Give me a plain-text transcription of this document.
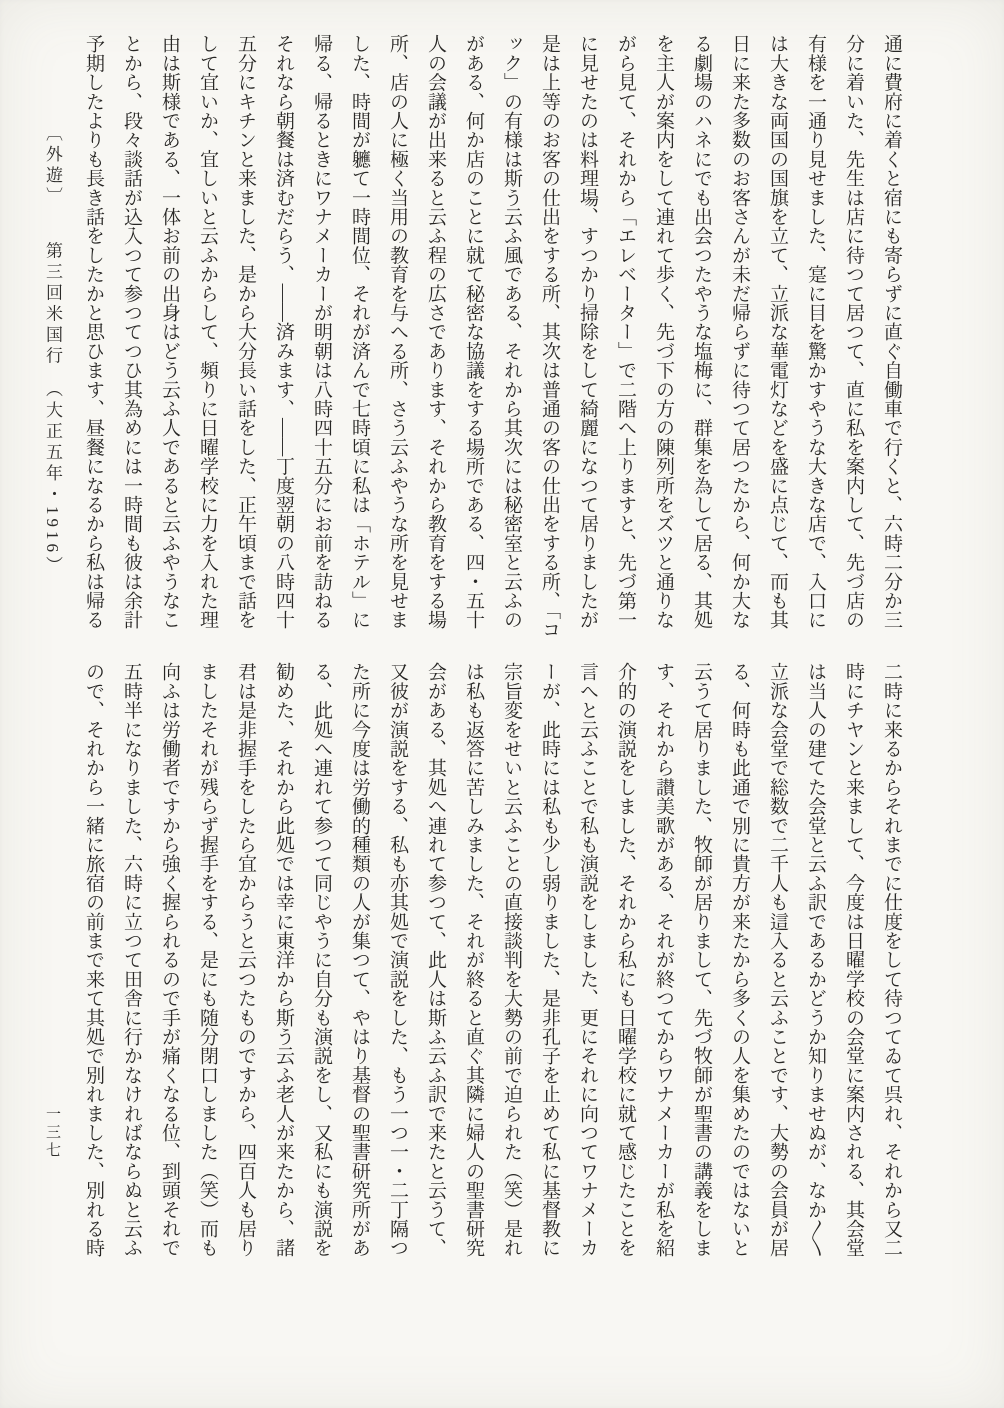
〔外遊〕　　第三回米国行　（大正五年・1916）	通に費府に着くと宿にも寄らずに直ぐ自働車で行くと、六時二分か三
分に着いた、先生は店に待つて居つて、直に私を案内して、先づ店の
有様を一通り見せました、寔に目を驚かすやうな大きな店で、入口に
は大きな両国の国旗を立て、立派な華電灯などを盛に点じて、而も其
日に来た多数のお客さんが未だ帰らずに待つて居つたから、何か大な
る劇場のハネにでも出会つたやうな塩梅に、群集を為して居る、其処
を主人が案内をして連れて歩く、先づ下の方の陳列所をズツと通りな
がら見て、それから「エレベーター」で二階へ上りますと、先づ第一
に見せたのは料理場、すつかり掃除をして綺麗になつて居りましたが
是は上等のお客の仕出をする所、其次は普通の客の仕出をする所、「コ
ック」の有様は斯う云ふ風である、それから其次には秘密室と云ふの
がある、何か店のことに就て秘密な協議をする場所である、四・五十
人の会議が出来ると云ふ程の広さであります、それから教育をする場
所、店の人に極く当用の教育を与へる所、さう云ふやうな所を見せま
した、時間が軈て一時間位、それが済んで七時頃に私は「ホテル」に
帰る、帰るときにワナメーカーが明朝は八時四十五分にお前を訪ねる
それなら朝餐は済むだらう、――済みます、――丁度翌朝の八時四十
五分にキチンと来ました、是から大分長い話をした、正午頃まで話を
して宜いか、宜しいと云ふからして、頻りに日曜学校に力を入れた理
由は斯様である、一体お前の出身はどう云ふ人であると云ふやうなこ
とから、段々談話が込入つて参つてつひ其為めには一時間も彼は余計
予期したよりも長き話をしたかと思ひます、昼餐になるから私は帰る
二時に来るからそれまでに仕度をして待つてゐて呉れ、それから又二
時にチヤンと来まして、今度は日曜学校の会堂に案内される、其会堂
は当人の建てた会堂と云ふ訳であるかどうか知りませぬが、なか〱
立派な会堂で総数で二千人も這入ると云ふことです、大勢の会員が居
る、何時も此通で別に貴方が来たから多くの人を集めたのではないと
云うて居りました、牧師が居りまして、先づ牧師が聖書の講義をしま
す、それから讃美歌がある、それが終つてからワナメーカーが私を紹
介的の演説をしました、それから私にも日曜学校に就て感じたことを
言へと云ふことで私も演説をしました、更にそれに向つてワナメーカ
ーが、此時には私も少し弱りました、是非孔子を止めて私に基督教に
宗旨変をせいと云ふことの直接談判を大勢の前で迫られた（笑）是れ
は私も返答に苦しみました、それが終ると直ぐ其隣に婦人の聖書研究
会がある、其処へ連れて参つて、此人は斯ふ云ふ訳で来たと云うて、
又彼が演説をする、私も亦其処で演説をした、もう一つ一・二丁隔つ
た所に今度は労働的種類の人が集つて、やはり基督の聖書研究所があ
る、此処へ連れて参つて同じやうに自分も演説をし、又私にも演説を
勧めた、それから此処では幸に東洋から斯う云ふ老人が来たから、諸
君は是非握手をしたら宜からうと云つたものですから、四百人も居り
ましたそれが残らず握手をする、是にも随分閉口しました（笑）而も
向ふは労働者ですから強く握られるので手が痛くなる位、到頭それで
五時半になりました、六時に立つて田舎に行かなければならぬと云ふ
ので、それから一緒に旅宿の前まで来て其処で別れました、別れる時
一三七
